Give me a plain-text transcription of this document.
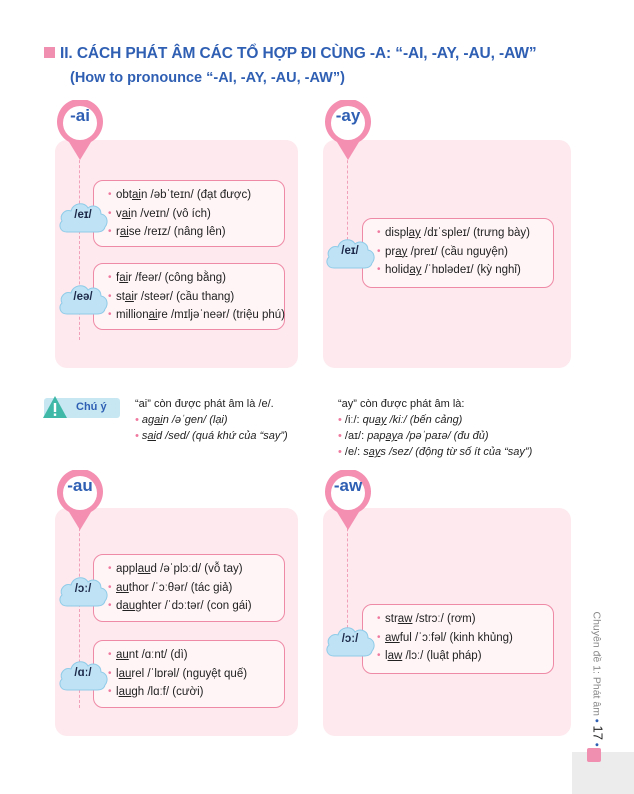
II. CÁCH PHÁT ÂM CÁC TỔ HỢP ĐI CÙNG -A: “-AI, -AY, -AU, -AW”
(How to pronounce “-AI, -AY, -AU, -AW”)
-ai
• obtain /əbˈteɪn/ (đạt được)
• vain /veɪn/ (vô ích)
• raise /reɪz/ (nâng lên)
/eɪ/
• fair /feər/ (công bằng)
• stair /steər/ (cầu thang)
• millionaire /mɪljəˈneər/ (triệu phú)
/eə/
-ay
• display /dɪˈspleɪ/ (trưng bày)
• pray /preɪ/ (cầu nguyện)
• holiday /ˈhɒlədeɪ/ (kỳ nghỉ)
/eɪ/
Chú ý	“ai” còn được phát âm là /e/.
• again /əˈgen/ (lại)
• said /sed/ (quá khứ của “say”)
“ay” còn được phát âm là:
• /iː/: quay /kiː/ (bến cảng)
• /aɪ/: papaya /pəˈpaɪə/ (đu đủ)
• /e/: says /sez/ (động từ số ít của “say”)
-au
• applaud /əˈplɔːd/ (vỗ tay)
• author /ˈɔːθər/ (tác giả)
• daughter /ˈdɔːtər/ (con gái)
/ɔː/
• aunt /ɑːnt/ (dì)
• laurel /ˈlɒrəl/ (nguyệt quế)
• laugh /lɑːf/ (cười)
/ɑː/
-aw
• straw /strɔː/ (rơm)
• awful /ˈɔːfəl/ (kinh khủng)
• law /lɔː/ (luật pháp)
/ɔː/	Chuyên đề 1: Phát âm • 17 •
